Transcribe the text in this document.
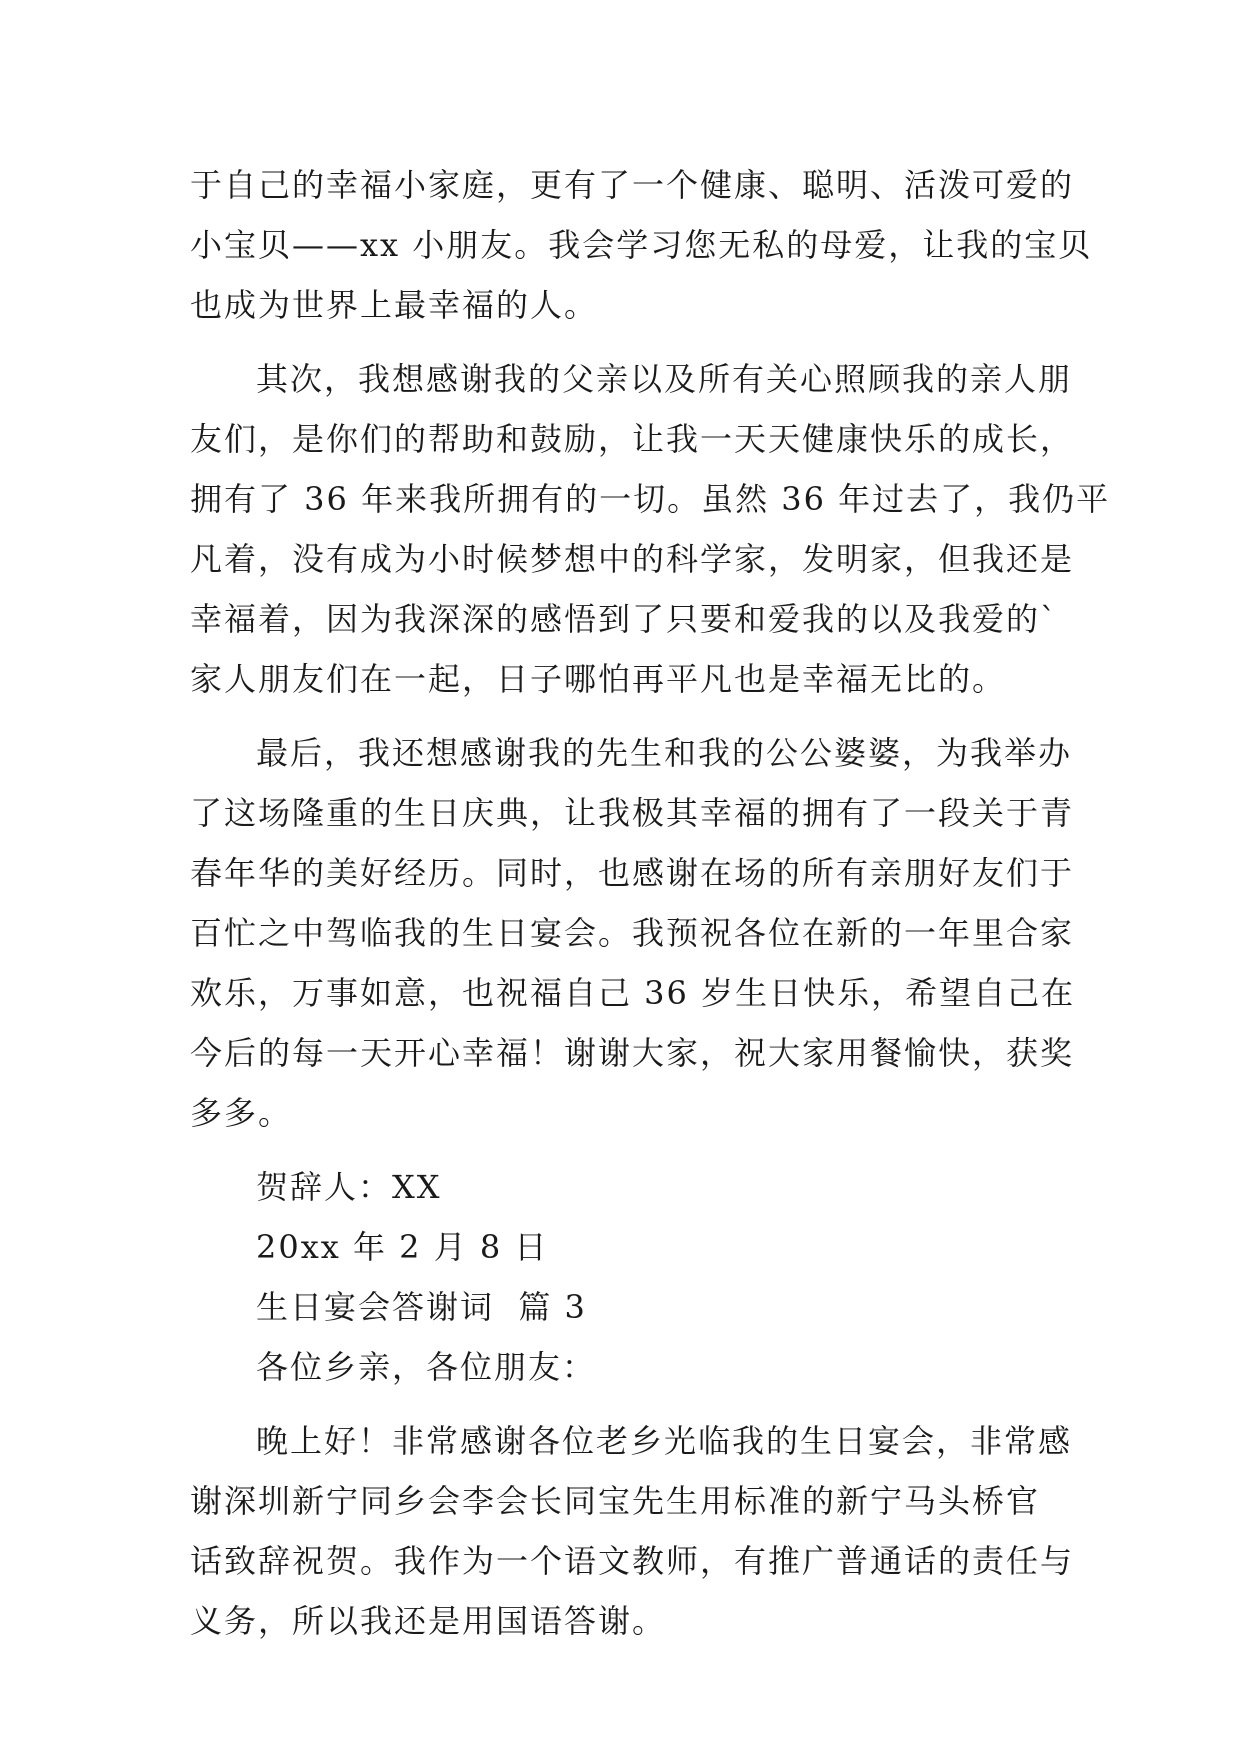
于自己的幸福小家庭，更有了一个健康、聪明、活泼可爱的
小宝贝——xx 小朋友。我会学习您无私的母爱，让我的宝贝
也成为世界上最幸福的人。
其次，我想感谢我的父亲以及所有关心照顾我的亲人朋
友们，是你们的帮助和鼓励，让我一天天健康快乐的成长，
拥有了 36 年来我所拥有的一切。虽然 36 年过去了，我仍平
凡着，没有成为小时候梦想中的科学家，发明家，但我还是
幸福着，因为我深深的感悟到了只要和爱我的以及我爱的`
家人朋友们在一起，日子哪怕再平凡也是幸福无比的。
最后，我还想感谢我的先生和我的公公婆婆，为我举办
了这场隆重的生日庆典，让我极其幸福的拥有了一段关于青
春年华的美好经历。同时，也感谢在场的所有亲朋好友们于
百忙之中驾临我的生日宴会。我预祝各位在新的一年里合家
欢乐，万事如意，也祝福自己 36 岁生日快乐，希望自己在
今后的每一天开心幸福！谢谢大家，祝大家用餐愉快，获奖
多多。
贺辞人：XX
20xx 年 2 月 8 日
生日宴会答谢词  篇 3
各位乡亲，各位朋友：
晚上好！非常感谢各位老乡光临我的生日宴会，非常感
谢深圳新宁同乡会李会长同宝先生用标准的新宁马头桥官
话致辞祝贺。我作为一个语文教师，有推广普通话的责任与
义务，所以我还是用国语答谢。
